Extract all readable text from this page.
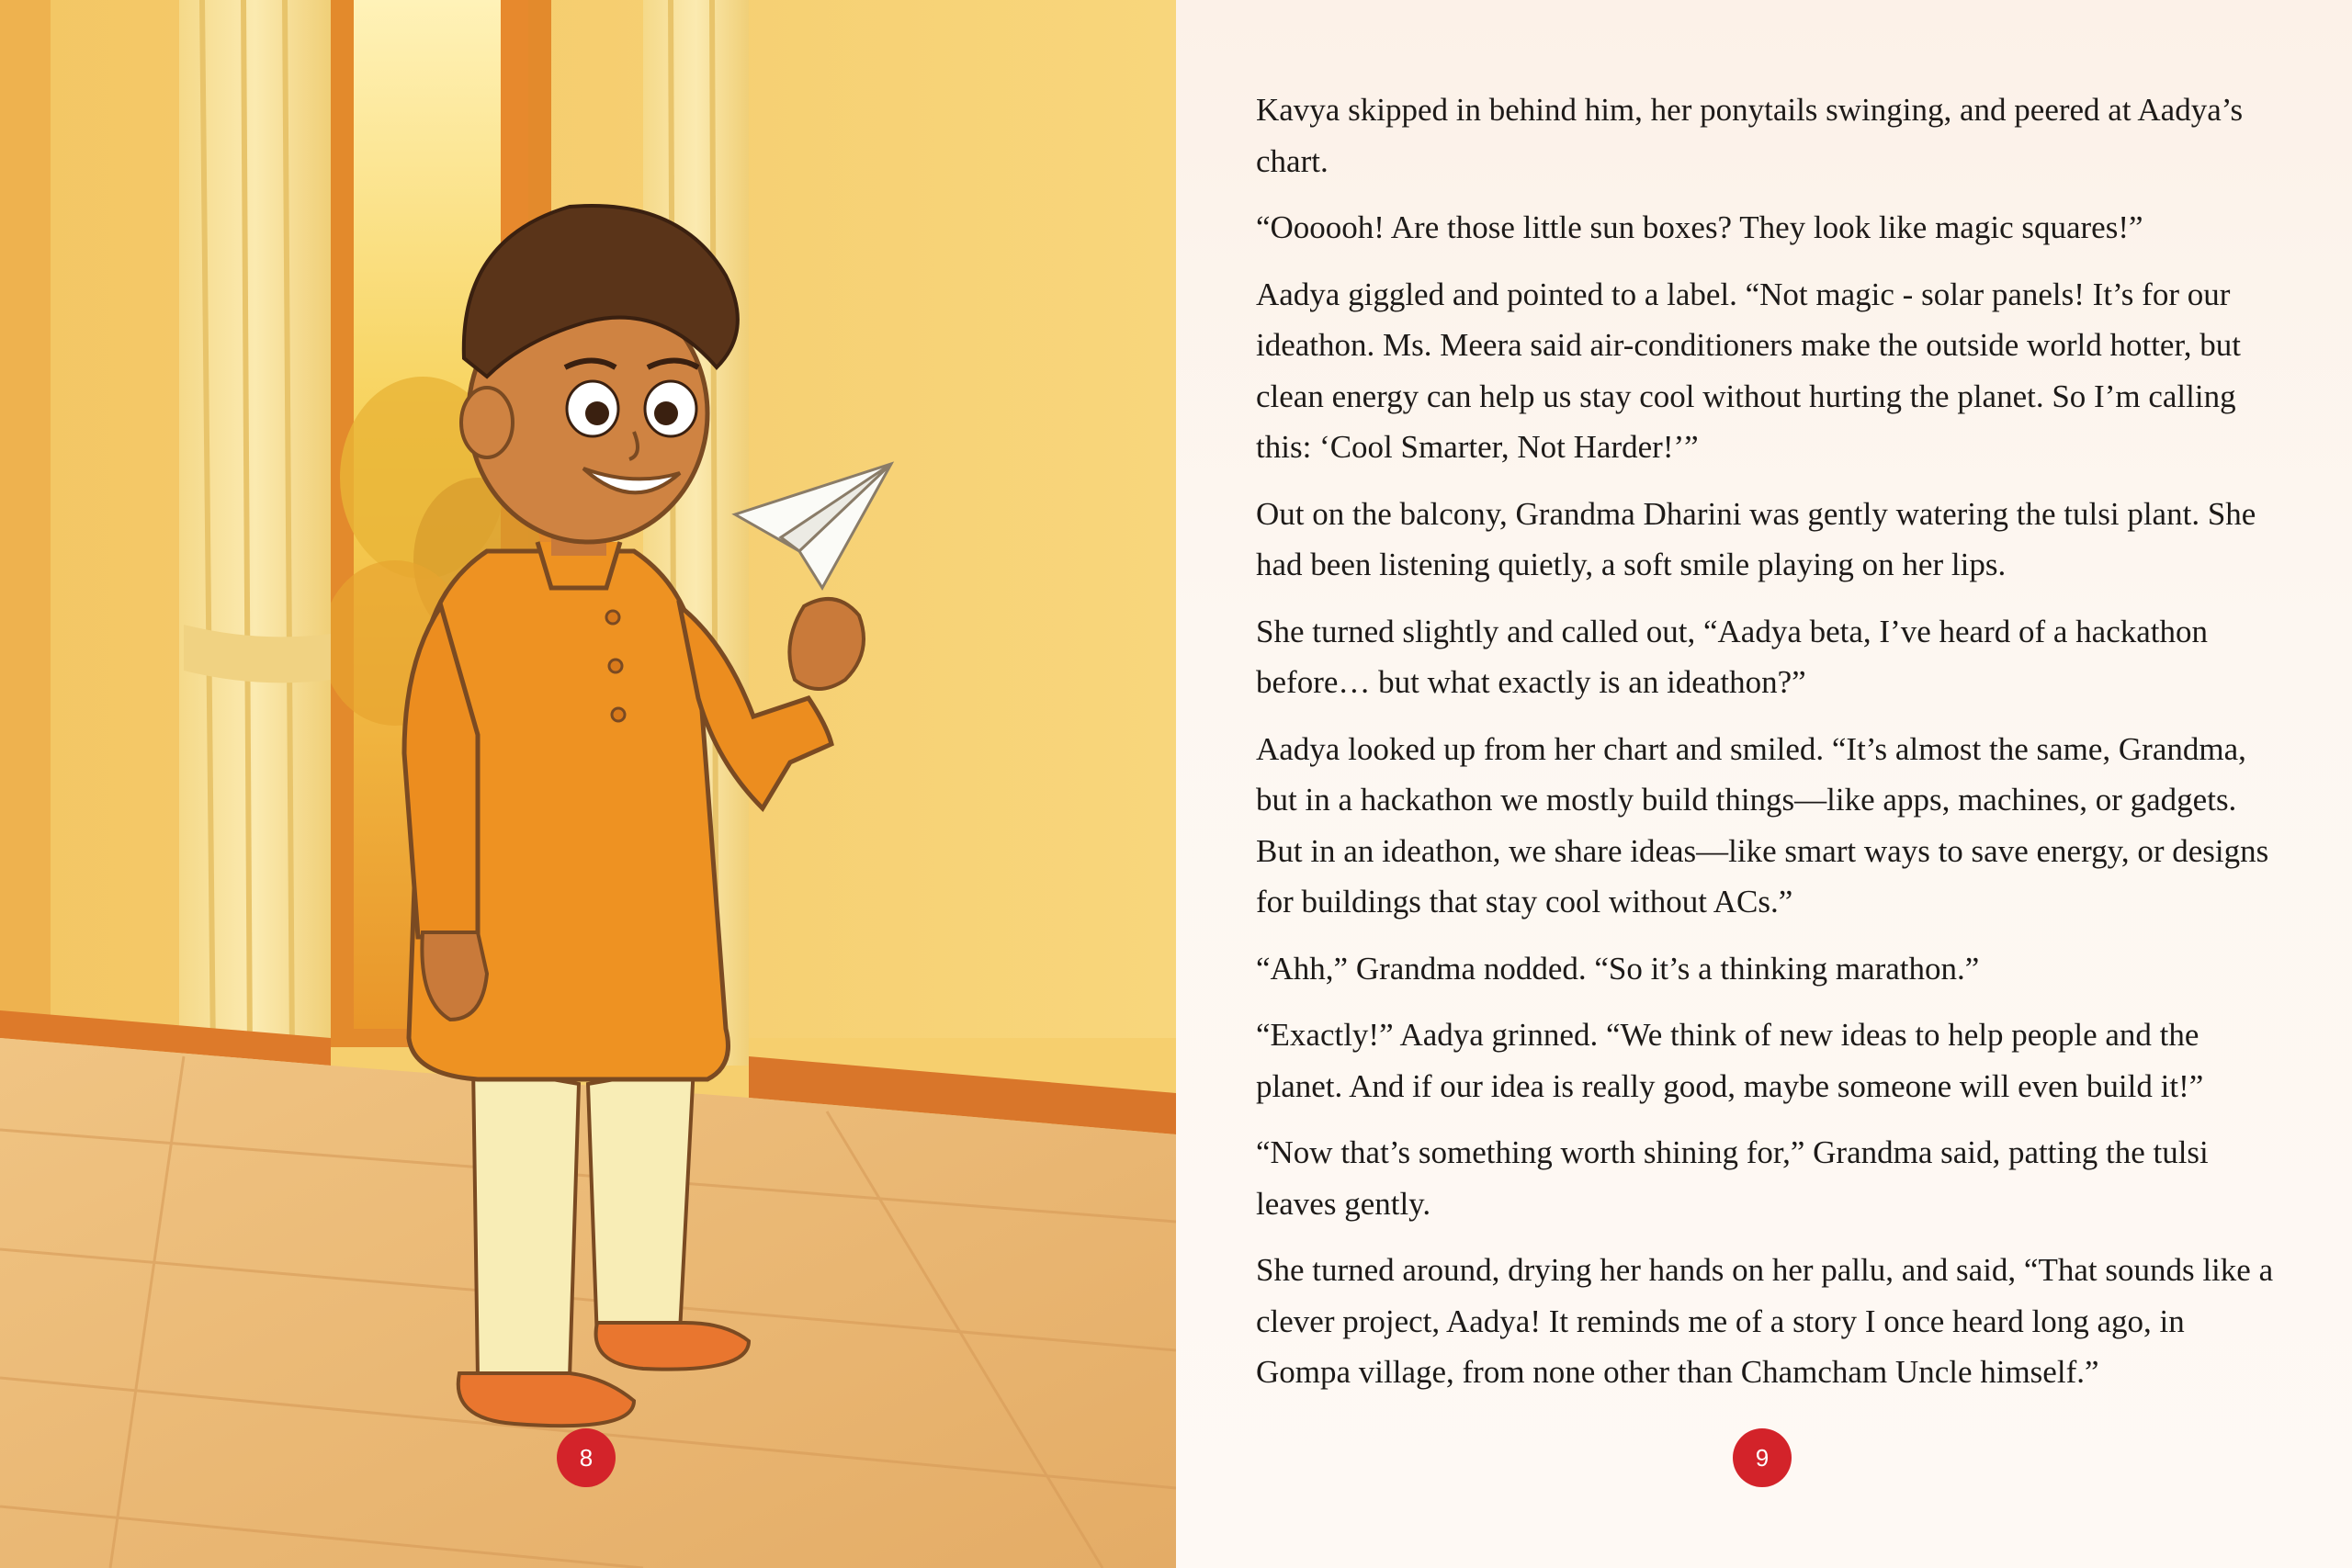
8

Kavya skipped in behind him, her ponytails swinging, and peered at Aadya’s chart.

“Oooooh! Are those little sun boxes? They look like magic squares!”

Aadya giggled and pointed to a label. “Not magic - solar panels! It’s for our ideathon. Ms. Meera said air-conditioners make the outside world hotter, but clean energy can help us stay cool without hurting the planet. So I’m calling this: ‘Cool Smarter, Not Harder!’”

Out on the balcony, Grandma Dharini was gently watering the tulsi plant. She had been listening quietly, a soft smile playing on her lips.

She turned slightly and called out, “Aadya beta, I’ve heard of a hackathon before… but what exactly is an ideathon?”

Aadya looked up from her chart and smiled. “It’s almost the same, Grandma, but in a hackathon we mostly build things—like apps, machines, or gadgets. But in an ideathon, we share ideas—like smart ways to save energy, or designs for buildings that stay cool without ACs.”

“Ahh,” Grandma nodded. “So it’s a thinking marathon.”

“Exactly!” Aadya grinned. “We think of new ideas to help people and the planet. And if our idea is really good, maybe someone will even build it!”

“Now that’s something worth shining for,” Grandma said, patting the tulsi leaves gently.

She turned around, drying her hands on her pallu, and said, “That sounds like a clever project, Aadya! It reminds me of a story I once heard long ago, in Gompa village, from none other than Chamcham Uncle himself.”

9
